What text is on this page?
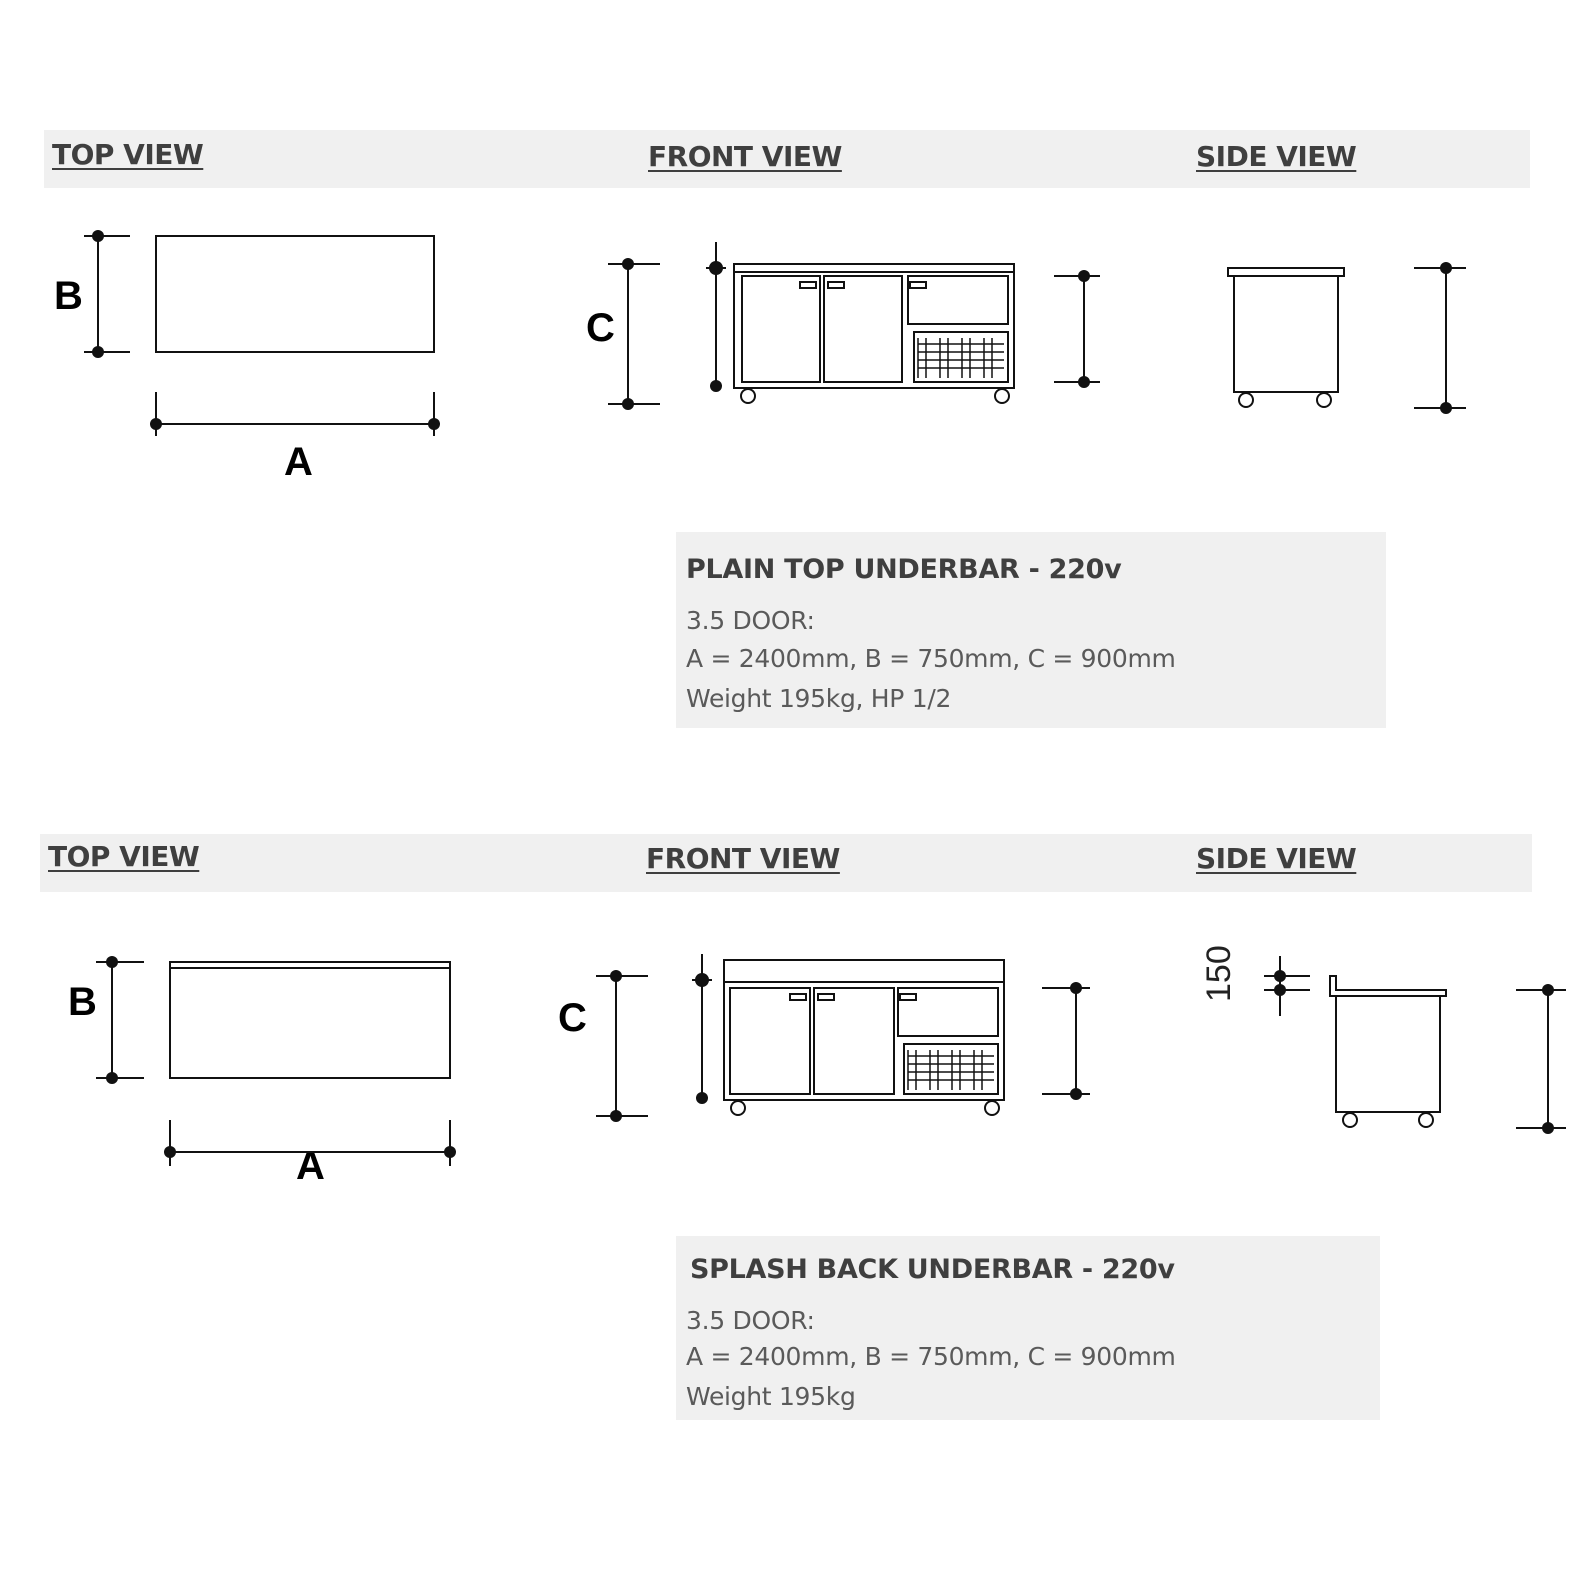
TOP VIEW	FRONT VIEW	SIDE VIEW
B
A
C
PLAIN TOP UNDERBAR - 220v
3.5 DOOR:
A = 2400mm, B = 750mm, C = 900mm
Weight 195kg, HP 1/2
TOP VIEW	FRONT VIEW	SIDE VIEW
B
A
C
150
SPLASH BACK UNDERBAR - 220v
3.5 DOOR:
A = 2400mm, B = 750mm, C = 900mm
Weight 195kg
